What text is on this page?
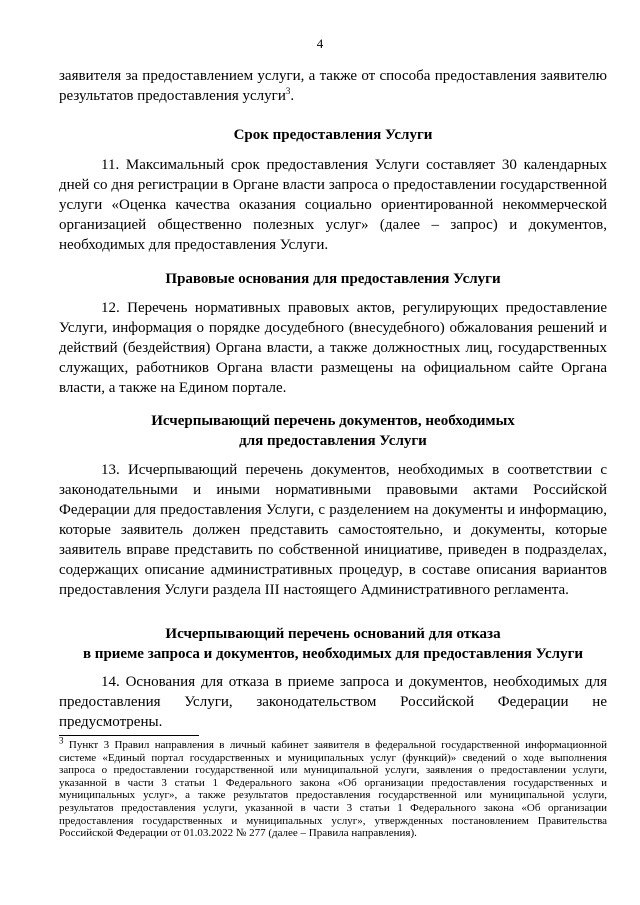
4
заявителя за предоставлением услуги, а также от способа предоставления заявителю результатов предоставления услуги$^3$.
Срок предоставления Услуги
11. Максимальный срок предоставления Услуги составляет 30 календарных дней со дня регистрации в Органе власти запроса о предоставлении государственной услуги «Оценка качества оказания социально ориентированной некоммерческой организацией общественно полезных услуг» (далее – запрос) и документов, необходимых для предоставления Услуги.
Правовые основания для предоставления Услуги
12. Перечень нормативных правовых актов, регулирующих предоставление Услуги, информация о порядке досудебного (внесудебного) обжалования решений и действий (бездействия) Органа власти, а также должностных лиц, государственных служащих, работников Органа власти размещены на официальном сайте Органа власти, а также на Едином портале.
Исчерпывающий перечень документов, необходимых
для предоставления Услуги
13. Исчерпывающий перечень документов, необходимых в соответствии с законодательными и иными нормативными правовыми актами Российской Федерации для предоставления Услуги, с разделением на документы и информацию, которые заявитель должен представить самостоятельно, и документы, которые заявитель вправе представить по собственной инициативе, приведен в подразделах, содержащих описание административных процедур, в составе описания вариантов предоставления Услуги раздела III настоящего Административного регламента.
Исчерпывающий перечень оснований для отказа
в приеме запроса и документов, необходимых для предоставления Услуги
14. Основания для отказа в приеме запроса и документов, необходимых для предоставления Услуги, законодательством Российской Федерации не предусмотрены.
$^3$ Пункт 3 Правил направления в личный кабинет заявителя в федеральной государственной информационной системе «Единый портал государственных и муниципальных услуг (функций)» сведений о ходе выполнения запроса о предоставлении государственной или муниципальной услуги, заявления о предоставлении услуги, указанной в части 3 статьи 1 Федерального закона «Об организации предоставления государственных и муниципальных услуг», а также результатов предоставления государственной или муниципальной услуги, результатов предоставления услуги, указанной в части 3 статьи 1 Федерального закона «Об организации предоставления государственных и муниципальных услуг», утвержденных постановлением Правительства Российской Федерации от 01.03.2022 № 277 (далее – Правила направления).
